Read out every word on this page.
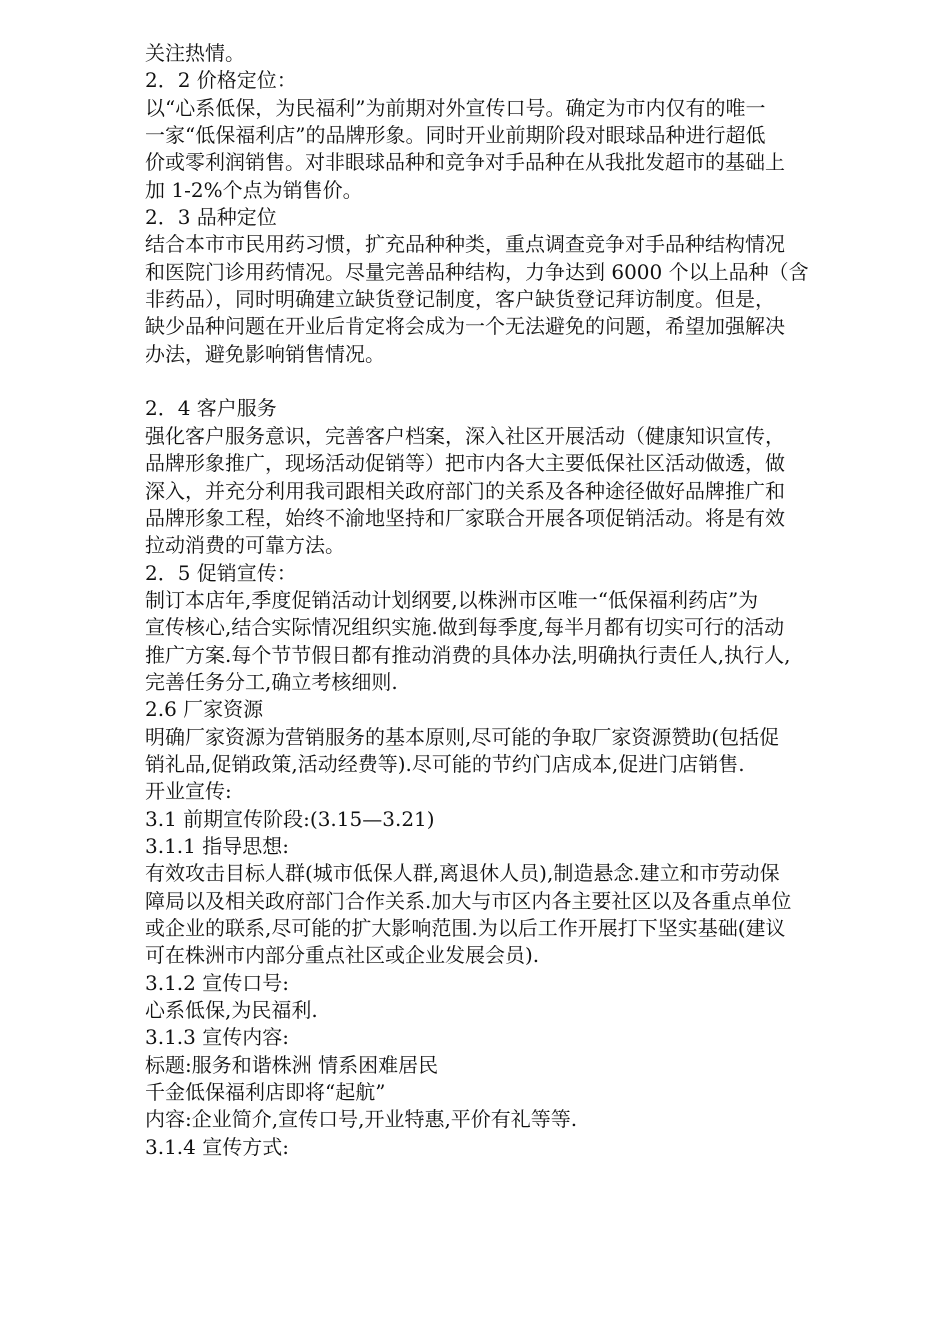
关注热情。
2．2 价格定位：
以“心系低保，为民福利”为前期对外宣传口号。确定为市内仅有的唯一
一家“低保福利店”的品牌形象。同时开业前期阶段对眼球品种进行超低
价或零利润销售。对非眼球品种和竞争对手品种在从我批发超市的基础上
加 1-2%个点为销售价。
2．3 品种定位
结合本市市民用药习惯，扩充品种种类，重点调查竞争对手品种结构情况
和医院门诊用药情况。尽量完善品种结构，力争达到 6000 个以上品种（含
非药品），同时明确建立缺货登记制度，客户缺货登记拜访制度。但是，
缺少品种问题在开业后肯定将会成为一个无法避免的问题，希望加强解决
办法，避免影响销售情况。
2．4 客户服务
强化客户服务意识，完善客户档案，深入社区开展活动（健康知识宣传，
品牌形象推广，现场活动促销等）把市内各大主要低保社区活动做透，做
深入，并充分利用我司跟相关政府部门的关系及各种途径做好品牌推广和
品牌形象工程，始终不渝地坚持和厂家联合开展各项促销活动。将是有效
拉动消费的可靠方法。
2．5 促销宣传：
制订本店年,季度促销活动计划纲要,以株洲市区唯一“低保福利药店”为
宣传核心,结合实际情况组织实施.做到每季度,每半月都有切实可行的活动
推广方案.每个节节假日都有推动消费的具体办法,明确执行责任人,执行人,
完善任务分工,确立考核细则.
2.6 厂家资源
明确厂家资源为营销服务的基本原则,尽可能的争取厂家资源赞助(包括促
销礼品,促销政策,活动经费等).尽可能的节约门店成本,促进门店销售.
开业宣传:
3.1 前期宣传阶段:(3.15—3.21)
3.1.1 指导思想:
有效攻击目标人群(城市低保人群,离退休人员),制造悬念.建立和市劳动保
障局以及相关政府部门合作关系.加大与市区内各主要社区以及各重点单位
或企业的联系,尽可能的扩大影响范围.为以后工作开展打下坚实基础(建议
可在株洲市内部分重点社区或企业发展会员).
3.1.2 宣传口号:
心系低保,为民福利.
3.1.3 宣传内容:
标题:服务和谐株洲 情系困难居民
千金低保福利店即将“起航”
内容:企业简介,宣传口号,开业特惠,平价有礼等等.
3.1.4 宣传方式:
